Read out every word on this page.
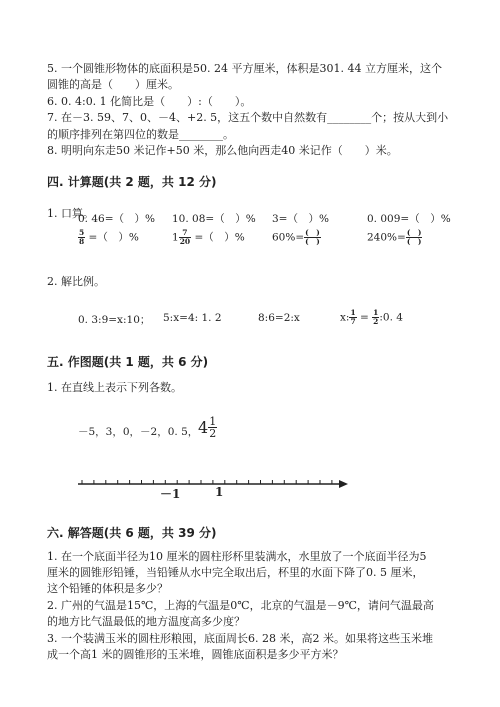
5. 一个圆锥形物体的底面积是50. 24 平方厘米，体积是301. 44 立方厘米，这个
圆锥的高是（　　）厘米。
6. 0. 4:0. 1 化简比是（　　）:（　　）。
7. 在－3. 59、7、0、－4、+2. 5，这五个数中自然数有________个；按从大到小
的顺序排列在第四位的数是________。
8. 明明向东走50 米记作+50 米，那么他向西走40 米记作（　　）米。
四. 计算题(共 2 题，共 12 分)
1. 口算。
0. 46=（　）% 10. 08=（　）% 3=（　）%	0. 009=（　）%
$\frac{5}{8}$ =（　）%	$1 \frac{7}{20}$ =（　）%	$60\%= \frac{( )}{( )}$	$240\%= \frac{( )}{( )}$
2. 解比例。
0. 3:9=x:10； 5:x=4: 1. 2	8:6=2:x	x: $\frac{1}{7} = \frac{1}{2}$ :0. 4
五. 作图题(共 1 题，共 6 分)
1. 在直线上表示下列各数。
－5，3，0，－2，0. 5， $4 \frac{1}{2}$
－1	1
六. 解答题(共 6 题，共 39 分)
1. 在一个底面半径为10 厘米的圆柱形杯里装满水，水里放了一个底面半径为5
厘米的圆锥形铅锤，当铅锤从水中完全取出后，杯里的水面下降了0. 5 厘米，
这个铅锤的体积是多少？
2. 广州的气温是15℃，上海的气温是0℃，北京的气温是－9℃，请问气温最高
的地方比气温最低的地方温度高多少度？
3. 一个装满玉米的圆柱形粮囤，底面周长6. 28 米，高2 米。如果将这些玉米堆
成一个高1 米的圆锥形的玉米堆，圆锥底面积是多少平方米？
